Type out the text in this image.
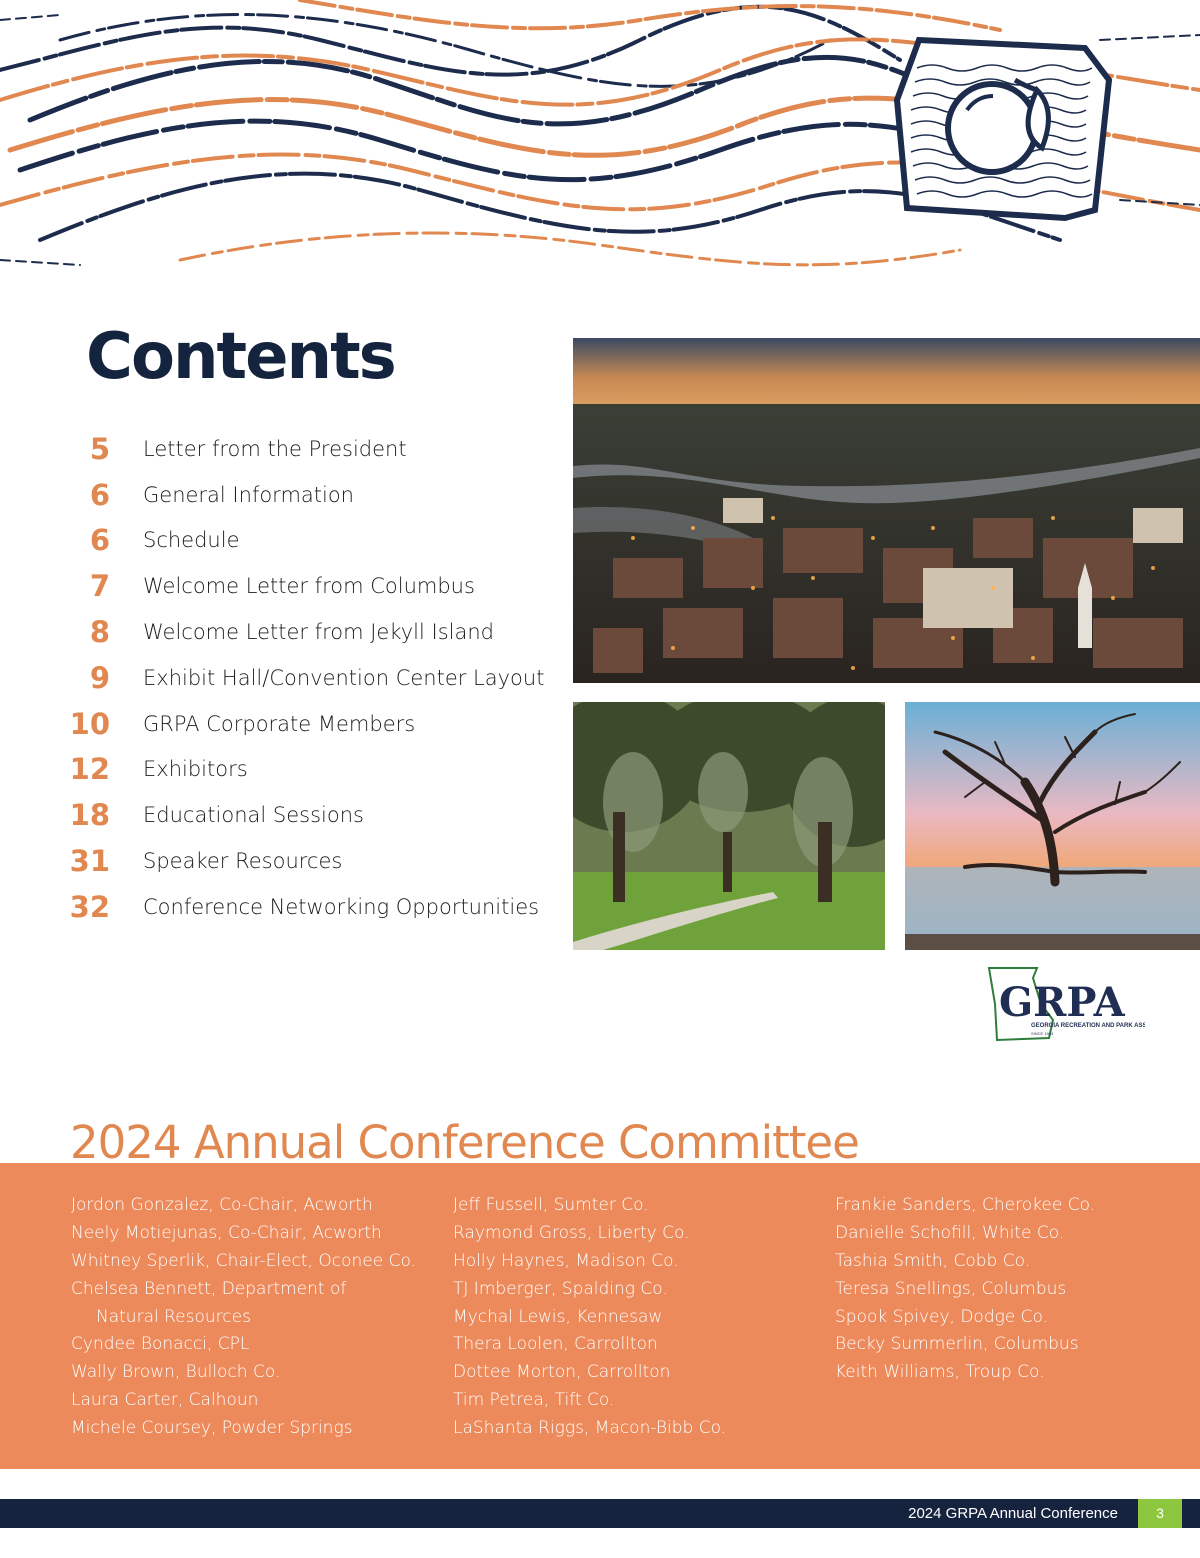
Contents
5 Letter from the President
6 General Information
6 Schedule
7 Welcome Letter from Columbus
8 Welcome Letter from Jekyll Island
9 Exhibit Hall/Convention Center Layout
10 GRPA Corporate Members
12 Exhibitors
18 Educational Sessions
31 Speaker Resources
32 Conference Networking Opportunities
GRPA
GEORGIA RECREATION AND PARK ASS
SINCE 1944
2024 Annual Conference Committee
Jordon Gonzalez, Co-Chair, Acworth
Neely Motiejunas, Co-Chair, Acworth
Whitney Sperlik, Chair-Elect, Oconee Co.
Chelsea Bennett, Department of
Natural Resources
Cyndee Bonacci, CPL
Wally Brown, Bulloch Co.
Laura Carter, Calhoun
Michele Coursey, Powder Springs
Jeff Fussell, Sumter Co.
Raymond Gross, Liberty Co.
Holly Haynes, Madison Co.
TJ Imberger, Spalding Co.
Mychal Lewis, Kennesaw
Thera Loolen, Carrollton
Dottee Morton, Carrollton
Tim Petrea, Tift Co.
LaShanta Riggs, Macon-Bibb Co.
Frankie Sanders, Cherokee Co.
Danielle Schofill, White Co.
Tashia Smith, Cobb Co.
Teresa Snellings, Columbus
Spook Spivey, Dodge Co.
Becky Summerlin, Columbus
Keith Williams, Troup Co.
2024 GRPA Annual Conference	3
